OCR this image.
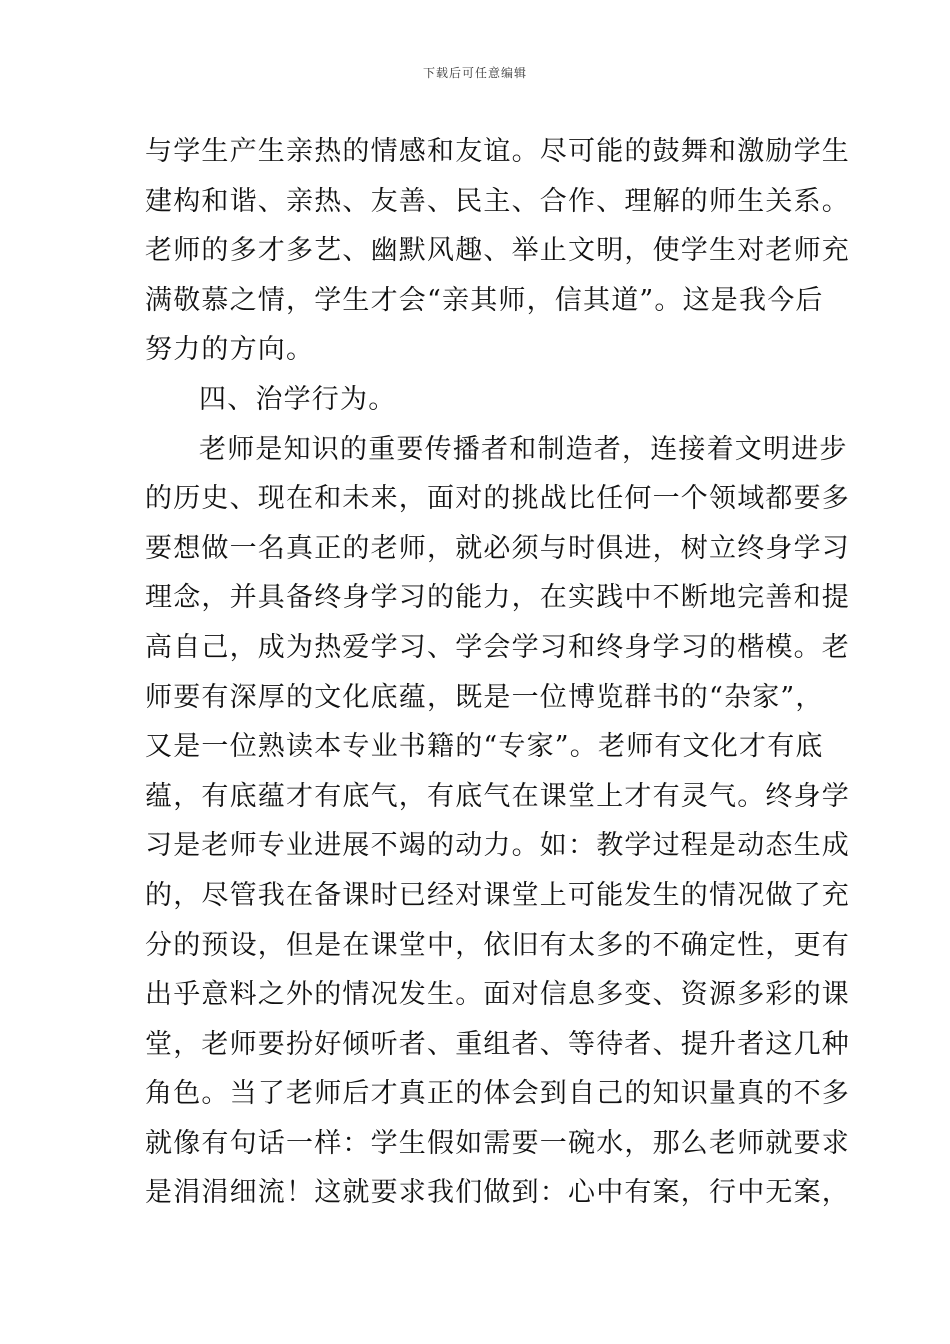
下载后可任意编辑
与学生产生亲热的情感和友谊。尽可能的鼓舞和激励学生
建构和谐、亲热、友善、民主、合作、理解的师生关系。
老师的多才多艺、幽默风趣、举止文明，使学生对老师充
满敬慕之情，学生才会“亲其师，信其道”。这是我今后
努力的方向。
四、治学行为。
老师是知识的重要传播者和制造者，连接着文明进步
的历史、现在和未来，面对的挑战比任何一个领域都要多
要想做一名真正的老师，就必须与时俱进，树立终身学习
理念，并具备终身学习的能力，在实践中不断地完善和提
高自己，成为热爱学习、学会学习和终身学习的楷模。老
师要有深厚的文化底蕴，既是一位博览群书的“杂家”，
又是一位熟读本专业书籍的“专家”。老师有文化才有底
蕴，有底蕴才有底气，有底气在课堂上才有灵气。终身学
习是老师专业进展不竭的动力。如：教学过程是动态生成
的，尽管我在备课时已经对课堂上可能发生的情况做了充
分的预设，但是在课堂中，依旧有太多的不确定性，更有
出乎意料之外的情况发生。面对信息多变、资源多彩的课
堂，老师要扮好倾听者、重组者、等待者、提升者这几种
角色。当了老师后才真正的体会到自己的知识量真的不多
就像有句话一样：学生假如需要一碗水，那么老师就要求
是涓涓细流！这就要求我们做到：心中有案，行中无案，
